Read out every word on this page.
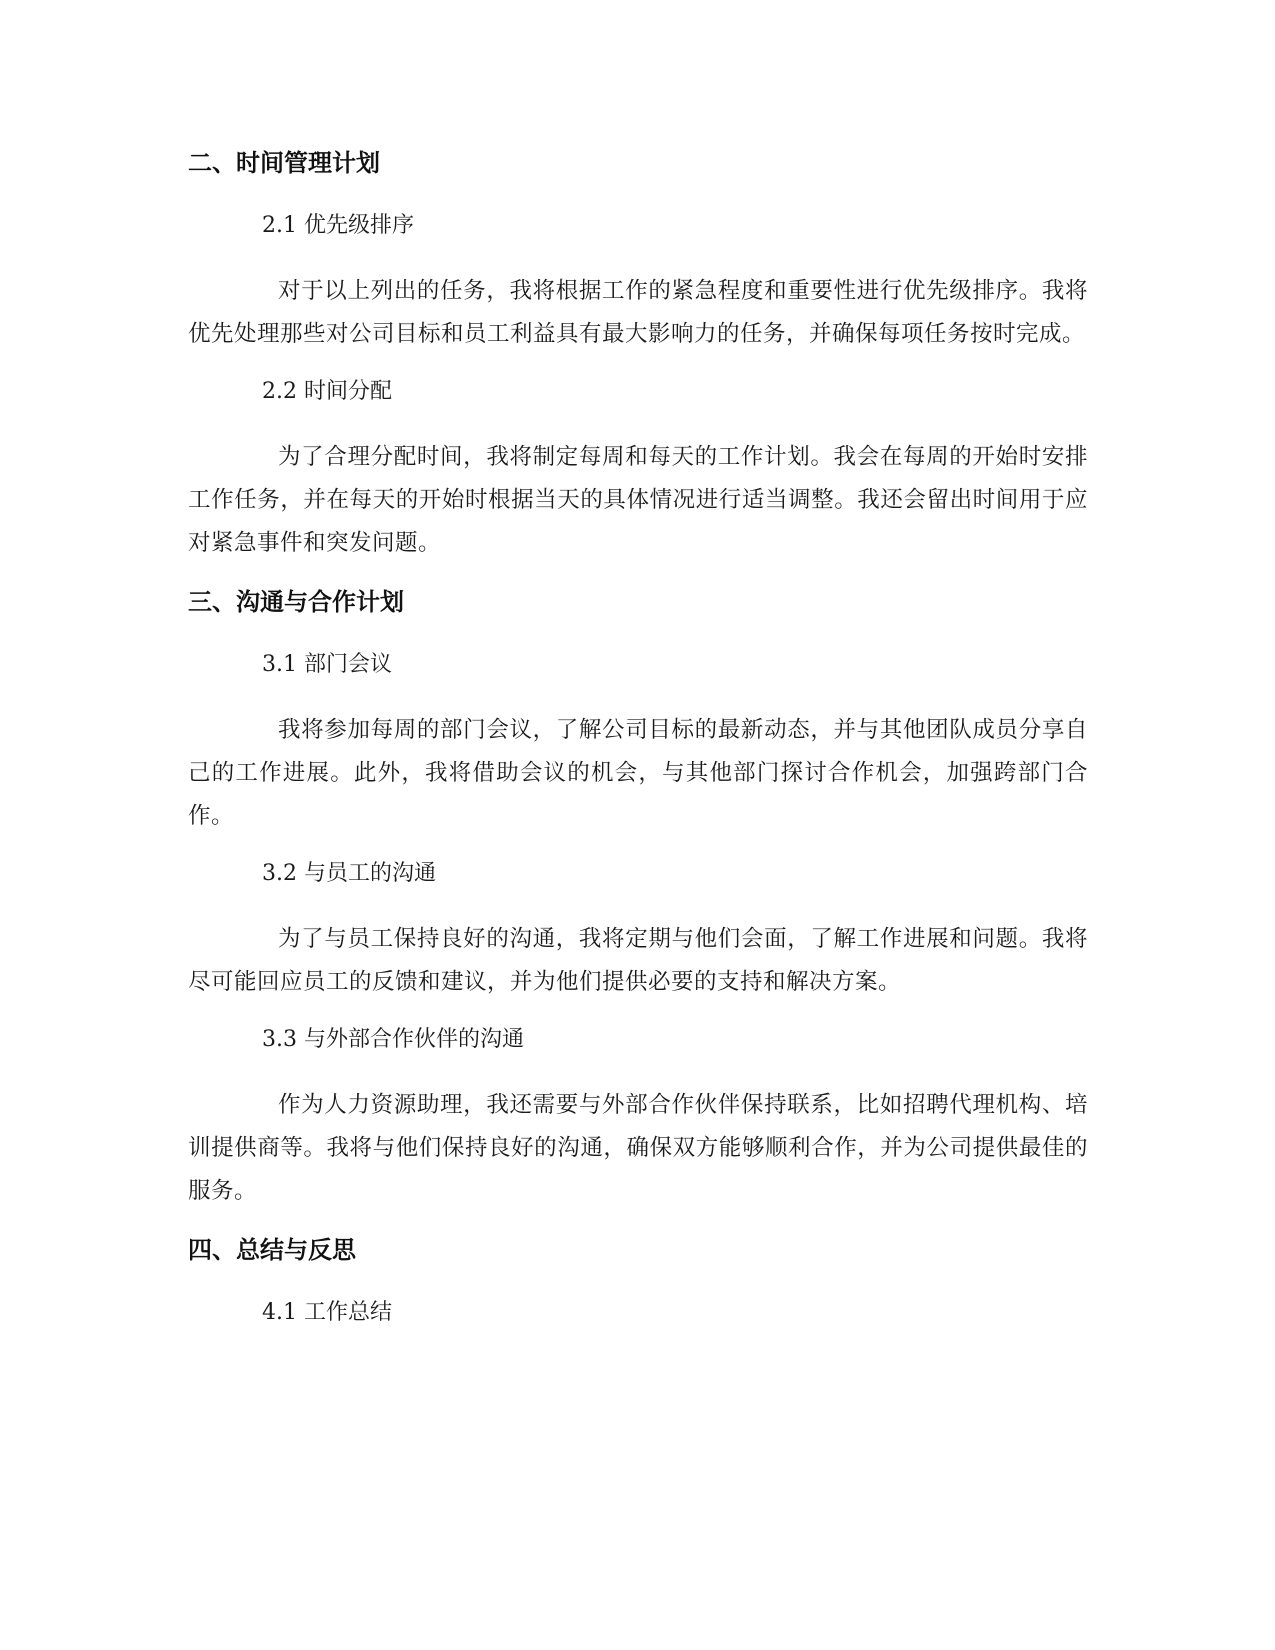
二、时间管理计划
2.1 优先级排序

对于以上列出的任务，我将根据工作的紧急程度和重要性进行优先级排序。我将优先处理那些对公司目标和员工利益具有最大影响力的任务，并确保每项任务按时完成。

2.2 时间分配

为了合理分配时间，我将制定每周和每天的工作计划。我会在每周的开始时安排工作任务，并在每天的开始时根据当天的具体情况进行适当调整。我还会留出时间用于应对紧急事件和突发问题。

三、沟通与合作计划
3.1 部门会议

我将参加每周的部门会议，了解公司目标的最新动态，并与其他团队成员分享自己的工作进展。此外，我将借助会议的机会，与其他部门探讨合作机会，加强跨部门合作。

3.2 与员工的沟通

为了与员工保持良好的沟通，我将定期与他们会面，了解工作进展和问题。我将尽可能回应员工的反馈和建议，并为他们提供必要的支持和解决方案。

3.3 与外部合作伙伴的沟通

作为人力资源助理，我还需要与外部合作伙伴保持联系，比如招聘代理机构、培训提供商等。我将与他们保持良好的沟通，确保双方能够顺利合作，并为公司提供最佳的服务。

四、总结与反思
4.1 工作总结
